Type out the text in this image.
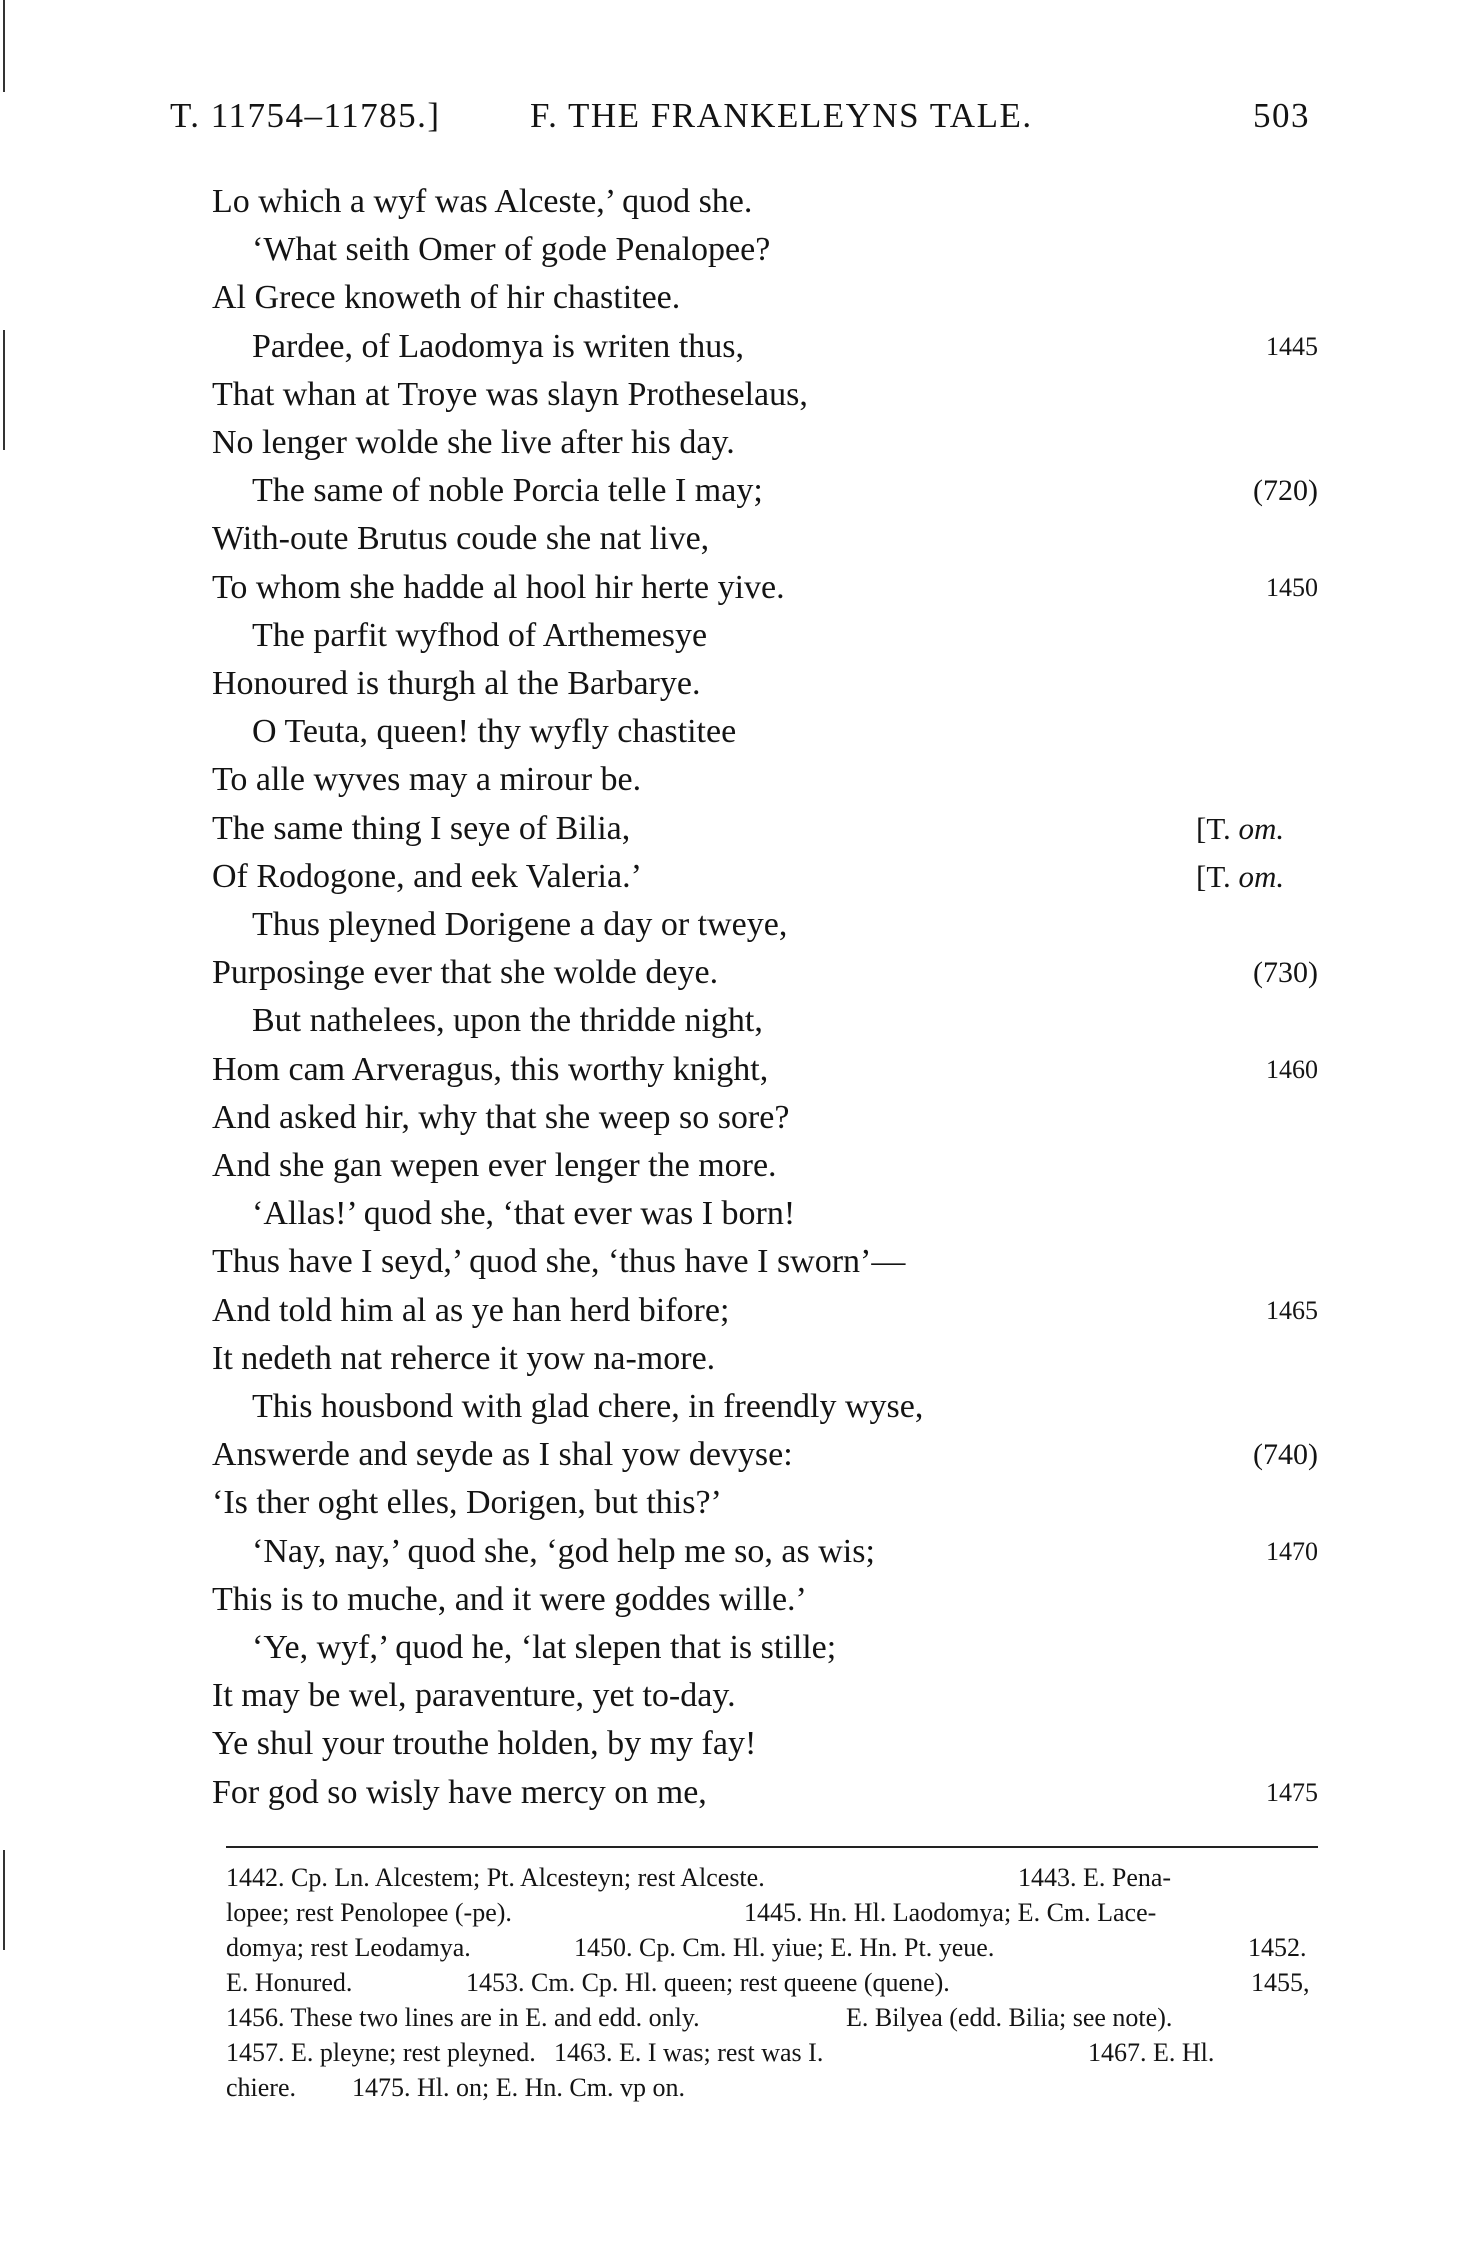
T. 11754–11785.]	F. THE FRANKELEYNS TALE.	503
Lo which a wyf was Alceste,’ quod she.
‘What seith Omer of gode Penalopee?
Al Grece knoweth of hir chastitee.
Pardee, of Laodomya is writen thus,	1445
That whan at Troye was slayn Protheselaus,
No lenger wolde she live after his day.
The same of noble Porcia telle I may;	(720)
With-oute Brutus coude she nat live,
To whom she hadde al hool hir herte yive.	1450
The parfit wyfhod of Arthemesye
Honoured is thurgh al the Barbarye.
O Teuta, queen! thy wyfly chastitee
To alle wyves may a mirour be.
The same thing I seye of Bilia,	[T. om.
Of Rodogone, and eek Valeria.’	[T. om.
Thus pleyned Dorigene a day or tweye,
Purposinge ever that she wolde deye.	(730)
But nathelees, upon the thridde night,
Hom cam Arveragus, this worthy knight,	1460
And asked hir, why that she weep so sore?
And she gan wepen ever lenger the more.
‘Allas!’ quod she, ‘that ever was I born!
Thus have I seyd,’ quod she, ‘thus have I sworn’—
And told him al as ye han herd bifore;	1465
It nedeth nat reherce it yow na-more.
This housbond with glad chere, in freendly wyse,
Answerde and seyde as I shal yow devyse:	(740)
‘Is ther oght elles, Dorigen, but this?’
‘Nay, nay,’ quod she, ‘god help me so, as wis;	1470
This is to muche, and it were goddes wille.’
‘Ye, wyf,’ quod he, ‘lat slepen that is stille;
It may be wel, paraventure, yet to-day.
Ye shul your trouthe holden, by my fay!
For god so wisly have mercy on me,	1475
1442. Cp. Ln. Alcestem; Pt. Alcesteyn; rest Alceste.	1443. E. Pena-
lopee; rest Penolopee (-pe).	1445. Hn. Hl. Laodomya; E. Cm. Lace-
domya; rest Leodamya.	1450. Cp. Cm. Hl. yiue; E. Hn. Pt. yeue.	1452.
E. Honured.	1453. Cm. Cp. Hl. queen; rest queene (quene).	1455,
1456. These two lines are in E. and edd. only.	E. Bilyea (edd. Bilia; see note).
1457. E. pleyne; rest pleyned. 1463. E. I was; rest was I.	1467. E. Hl.
chiere. 1475. Hl. on; E. Hn. Cm. vp on.
